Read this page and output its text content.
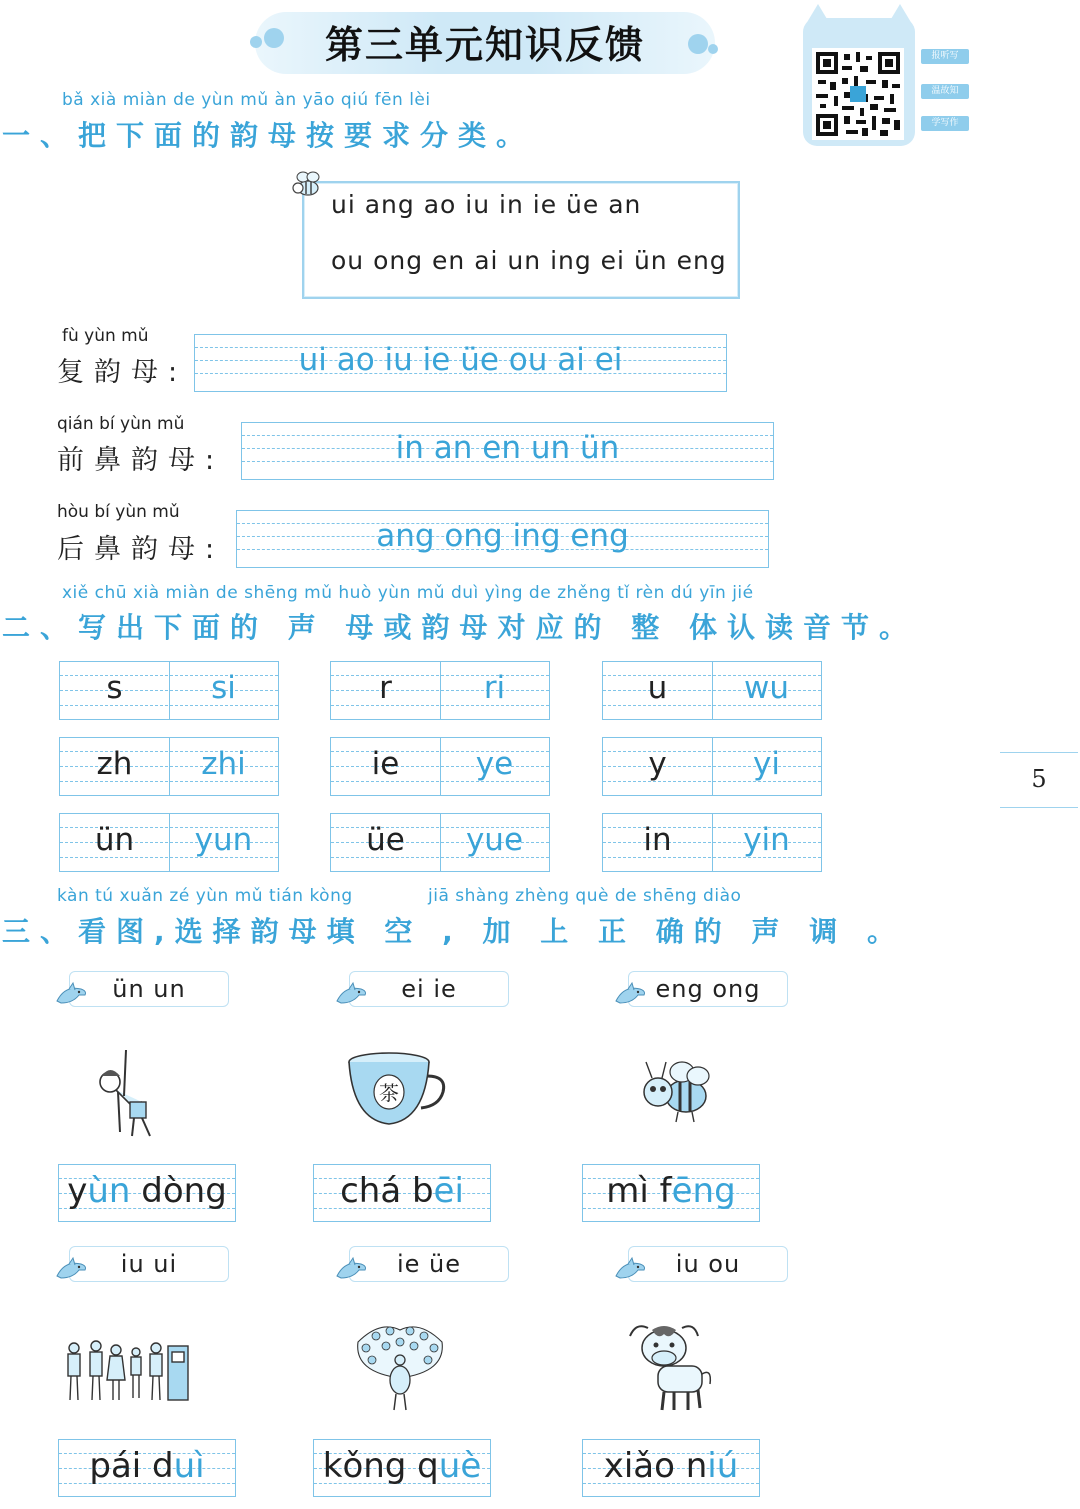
第三单元知识反馈	报听写
温故知
学写作
bǎ xià miàn de yùn mǔ àn yāo qiú fēn lèi
一、把下面的韵母按要求分类。
ui ang ao iu in ie üe an
ou ong en ai un ing ei ün eng
fù yùn mǔ
复韵母:	ui ao iu ie üe ou ai ei
qián bí yùn mǔ
前鼻韵母:	in an en un ün
hòu bí yùn mǔ
后鼻韵母:	ang ong ing eng
xiě chū xià miàn de shēng mǔ huò yùn mǔ duì yìng de zhěng tǐ rèn dú yīn jié
二、写出下面的 声 母或韵母对应的 整 体认读音节。
s	si	r	ri	u	wu
zh	zhi	ie	ye	y	yi
ün	yun	üe	yue	in	yin
5
kàn tú xuǎn zé yùn mǔ tián kòng	jiā shàng zhèng què de shēng diào
三、看图,选择韵母填 空 , 加 上 正 确的 声 调 。
ün un
yùn dòng
ei ie
chá bēi
eng ong
mì fēng
iu ui
pái duì
ie üe
kǒng què
iu ou
xiǎo niú
茶
